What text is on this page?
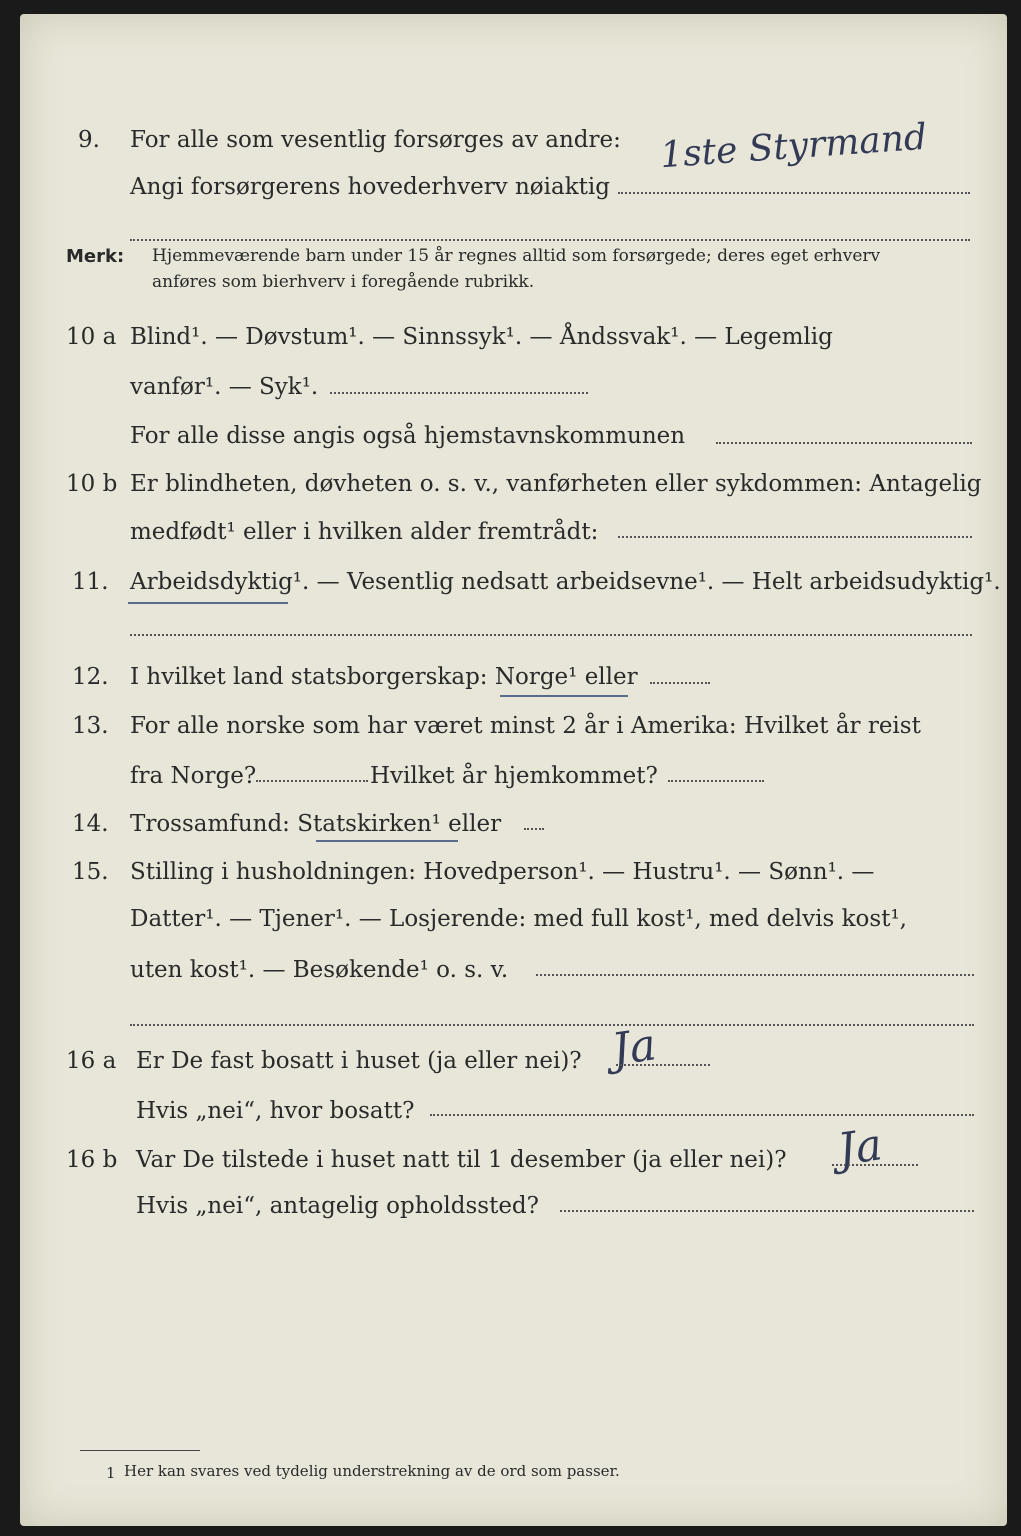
9. For alle som vesentlig forsørges av andre:
Angi forsørgerens hovederhverv nøiaktig
1ste Styrmand
Merk: Hjemmeværende barn under 15 år regnes alltid som forsørgede; deres eget erhverv
anføres som bierhverv i foregående rubrikk.
10 a Blind¹. — Døvstum¹. — Sinnssyk¹. — Åndssvak¹. — Legemlig
vanfør¹. — Syk¹.
For alle disse angis også hjemstavnskommunen
10 b Er blindheten, døvheten o. s. v., vanførheten eller sykdommen: Antagelig
medfødt¹ eller i hvilken alder fremtrådt:
11. Arbeidsdyktig¹. — Vesentlig nedsatt arbeidsevne¹. — Helt arbeidsudyktig¹.
12. I hvilket land statsborgerskap: Norge¹ eller
13. For alle norske som har været minst 2 år i Amerika: Hvilket år reist
fra Norge?	Hvilket år hjemkommet?
14. Trossamfund: Statskirken¹ eller
15. Stilling i husholdningen: Hovedperson¹. — Hustru¹. — Sønn¹. —
Datter¹. — Tjener¹. — Losjerende: med full kost¹, med delvis kost¹,
uten kost¹. — Besøkende¹ o. s. v.
16 a Er De fast bosatt i huset (ja eller nei)? Ja
Hvis „nei“, hvor bosatt?
16 b Var De tilstede i huset natt til 1 desember (ja eller nei)? Ja
Hvis „nei“, antagelig opholdssted?
1 Her kan svares ved tydelig understrekning av de ord som passer.
